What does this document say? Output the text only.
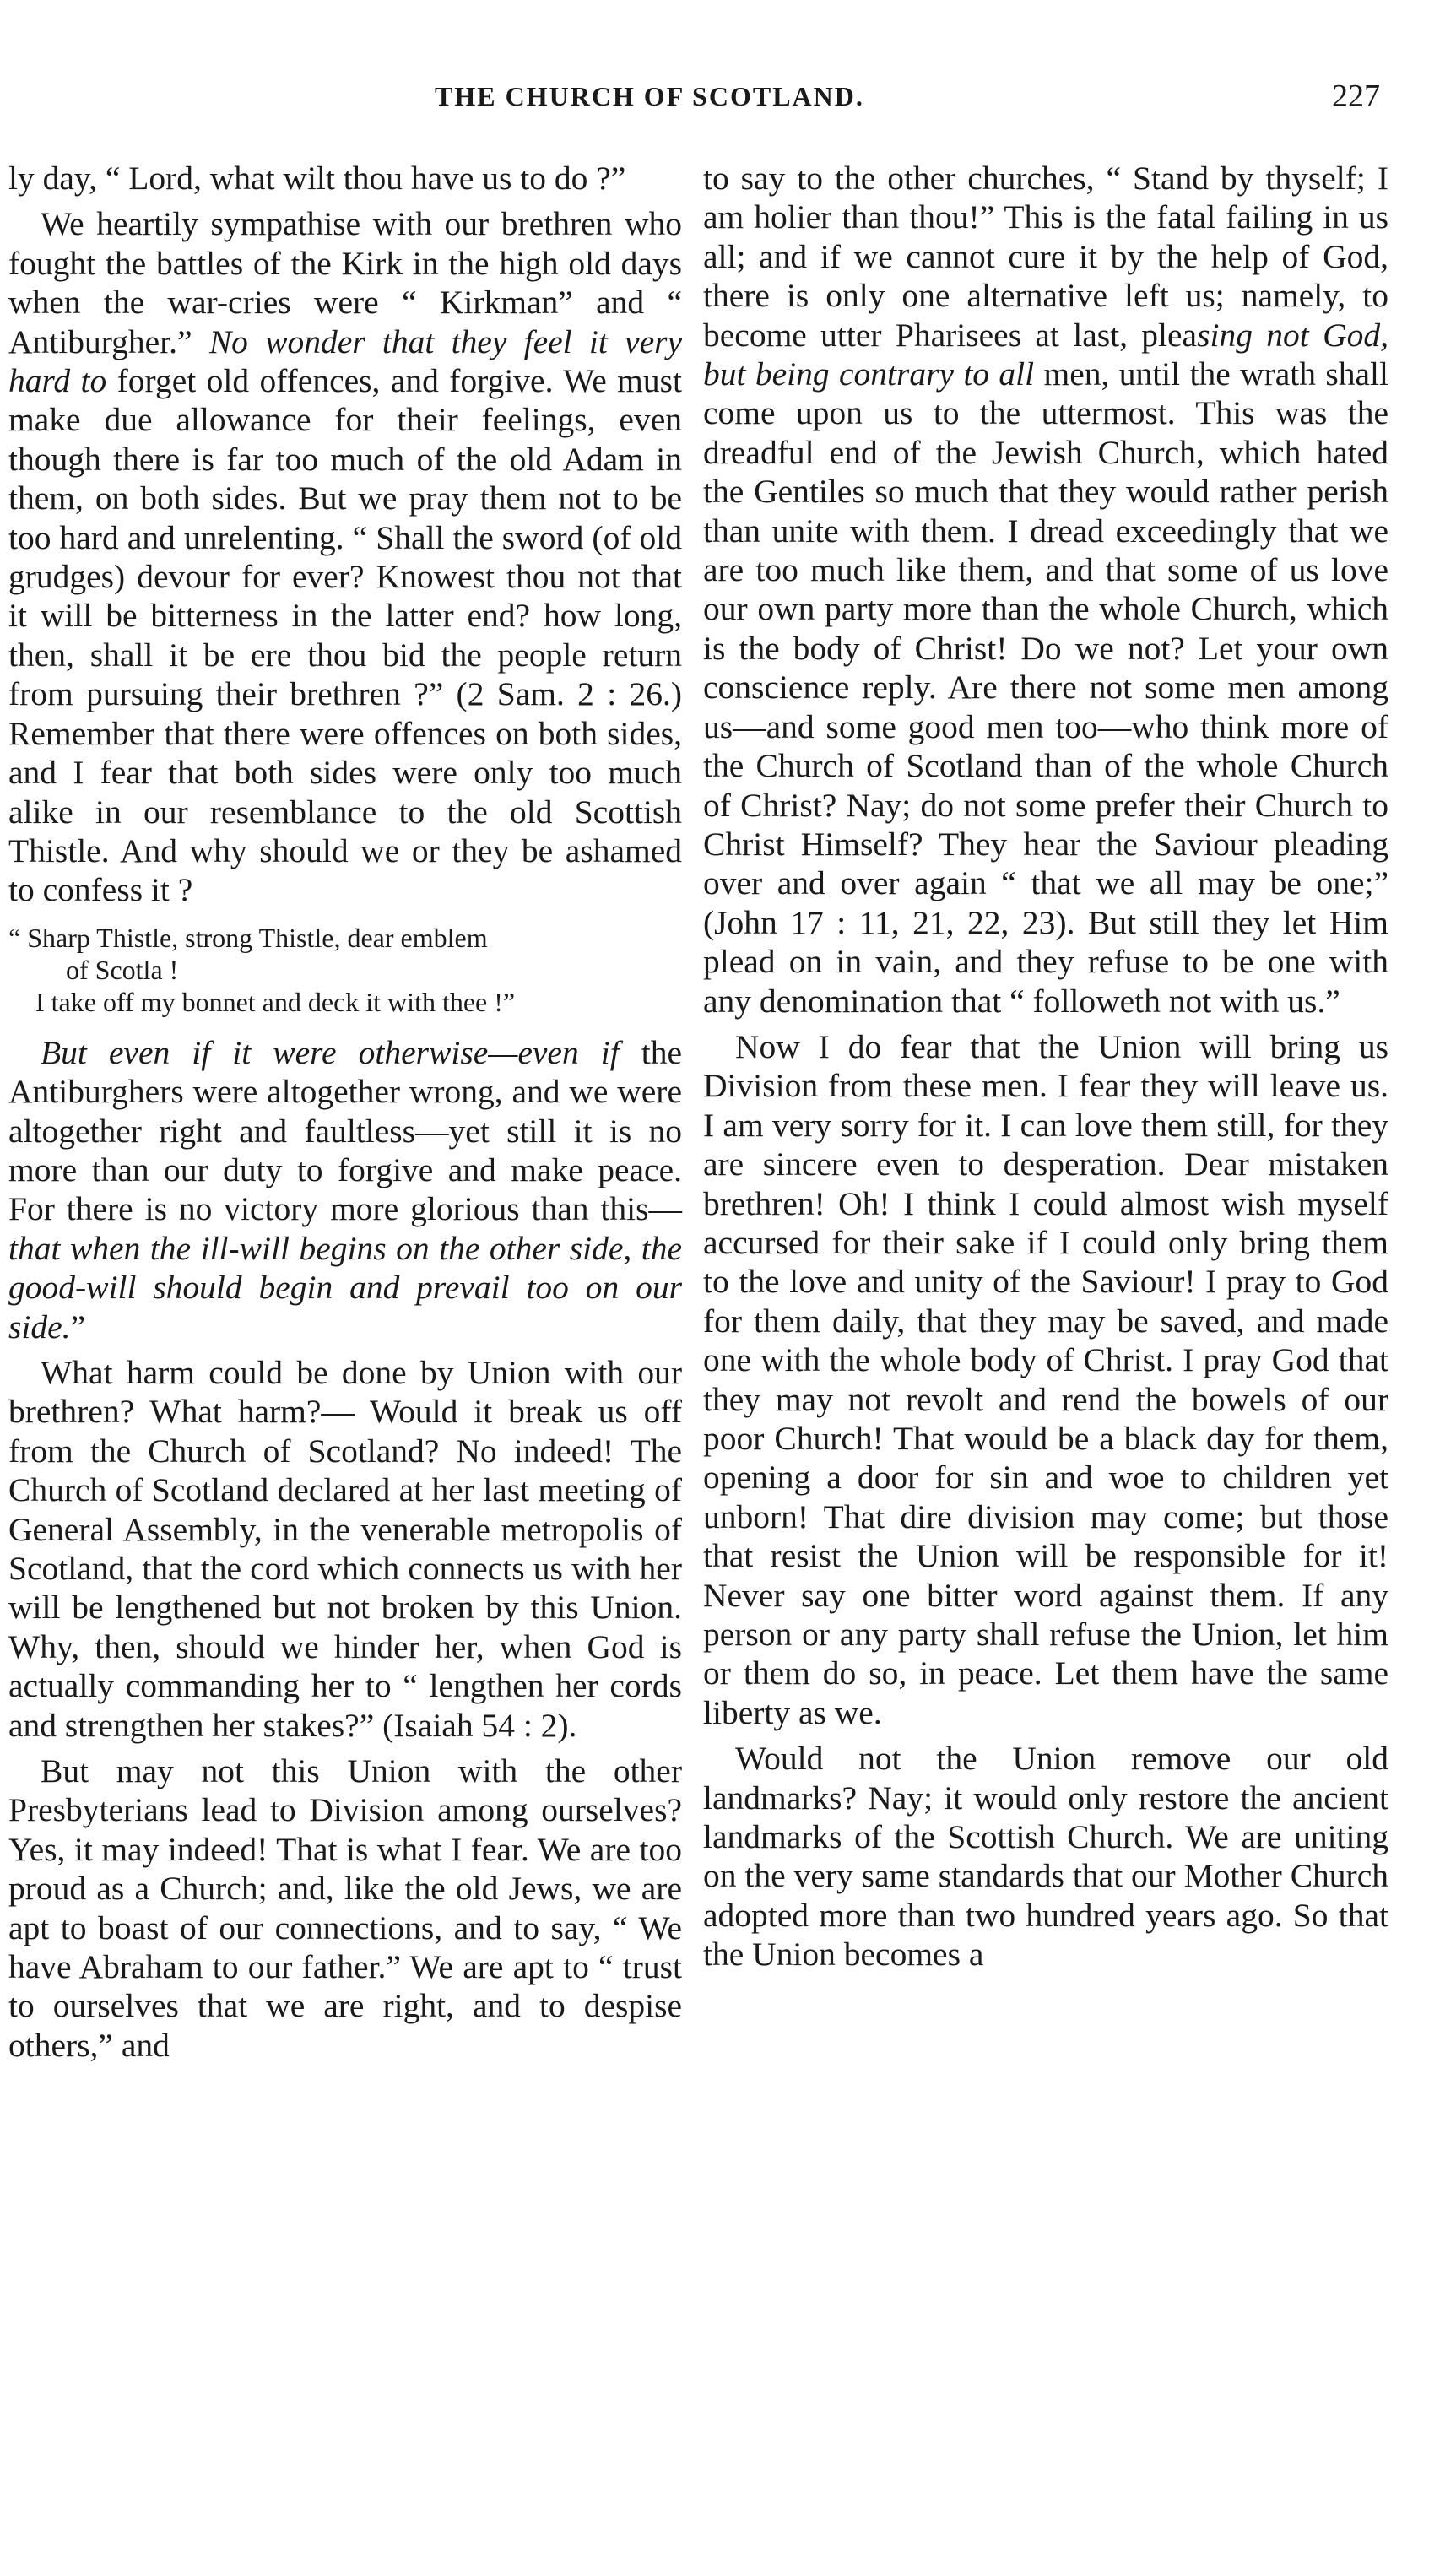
THE CHURCH OF SCOTLAND.	227

ly day, “ Lord, what wilt thou have us to do ?”

We heartily sympathise with our brethren who fought the battles of the Kirk in the high old days when the war-cries were “ Kirkman” and “ Antiburgher.” No wonder that they feel it very hard to forget old offences, and forgive. We must make due allowance for their feelings, even though there is far too much of the old Adam in them, on both sides. But we pray them not to be too hard and unrelenting. “ Shall the sword (of old grudges) devour for ever? Knowest thou not that it will be bitterness in the latter end? how long, then, shall it be ere thou bid the people return from pursuing their brethren ?” (2 Sam. 2 : 26.) Remember that there were offences on both sides, and I fear that both sides were only too much alike in our resemblance to the old Scottish Thistle. And why should we or they be ashamed to confess it ?

“ Sharp Thistle, strong Thistle, dear emblem
of Scotla !
I take off my bonnet and deck it with thee !”

But even if it were otherwise—even if the Antiburghers were altogether wrong, and we were altogether right and faultless—yet still it is no more than our duty to forgive and make peace. For there is no victory more glorious than this— that when the ill-will begins on the other side, the good-will should begin and prevail too on our side.”

What harm could be done by Union with our brethren? What harm?— Would it break us off from the Church of Scotland? No indeed! The Church of Scotland declared at her last meeting of General Assembly, in the venerable metropolis of Scotland, that the cord which connects us with her will be lengthened but not broken by this Union. Why, then, should we hinder her, when God is actually commanding her to “ lengthen her cords and strengthen her stakes?” (Isaiah 54 : 2).

But may not this Union with the other Presbyterians lead to Division among ourselves? Yes, it may indeed! That is what I fear. We are too proud as a Church; and, like the old Jews, we are apt to boast of our connections, and to say, “ We have Abraham to our father.” We are apt to “ trust to ourselves that we are right, and to despise others,” and

to say to the other churches, “ Stand by thyself; I am holier than thou!” This is the fatal failing in us all; and if we cannot cure it by the help of God, there is only one alternative left us; namely, to become utter Pharisees at last, pleasing not God, but being contrary to all men, until the wrath shall come upon us to the uttermost. This was the dreadful end of the Jewish Church, which hated the Gentiles so much that they would rather perish than unite with them. I dread exceedingly that we are too much like them, and that some of us love our own party more than the whole Church, which is the body of Christ! Do we not? Let your own conscience reply. Are there not some men among us—and some good men too—who think more of the Church of Scotland than of the whole Church of Christ? Nay; do not some prefer their Church to Christ Himself? They hear the Saviour pleading over and over again “ that we all may be one;” (John 17 : 11, 21, 22, 23). But still they let Him plead on in vain, and they refuse to be one with any denomination that “ followeth not with us.”

Now I do fear that the Union will bring us Division from these men. I fear they will leave us. I am very sorry for it. I can love them still, for they are sincere even to desperation. Dear mistaken brethren! Oh! I think I could almost wish myself accursed for their sake if I could only bring them to the love and unity of the Saviour! I pray to God for them daily, that they may be saved, and made one with the whole body of Christ. I pray God that they may not revolt and rend the bowels of our poor Church! That would be a black day for them, opening a door for sin and woe to children yet unborn! That dire division may come; but those that resist the Union will be responsible for it! Never say one bitter word against them. If any person or any party shall refuse the Union, let him or them do so, in peace. Let them have the same liberty as we.

Would not the Union remove our old landmarks? Nay; it would only restore the ancient landmarks of the Scottish Church. We are uniting on the very same standards that our Mother Church adopted more than two hundred years ago. So that the Union becomes a
